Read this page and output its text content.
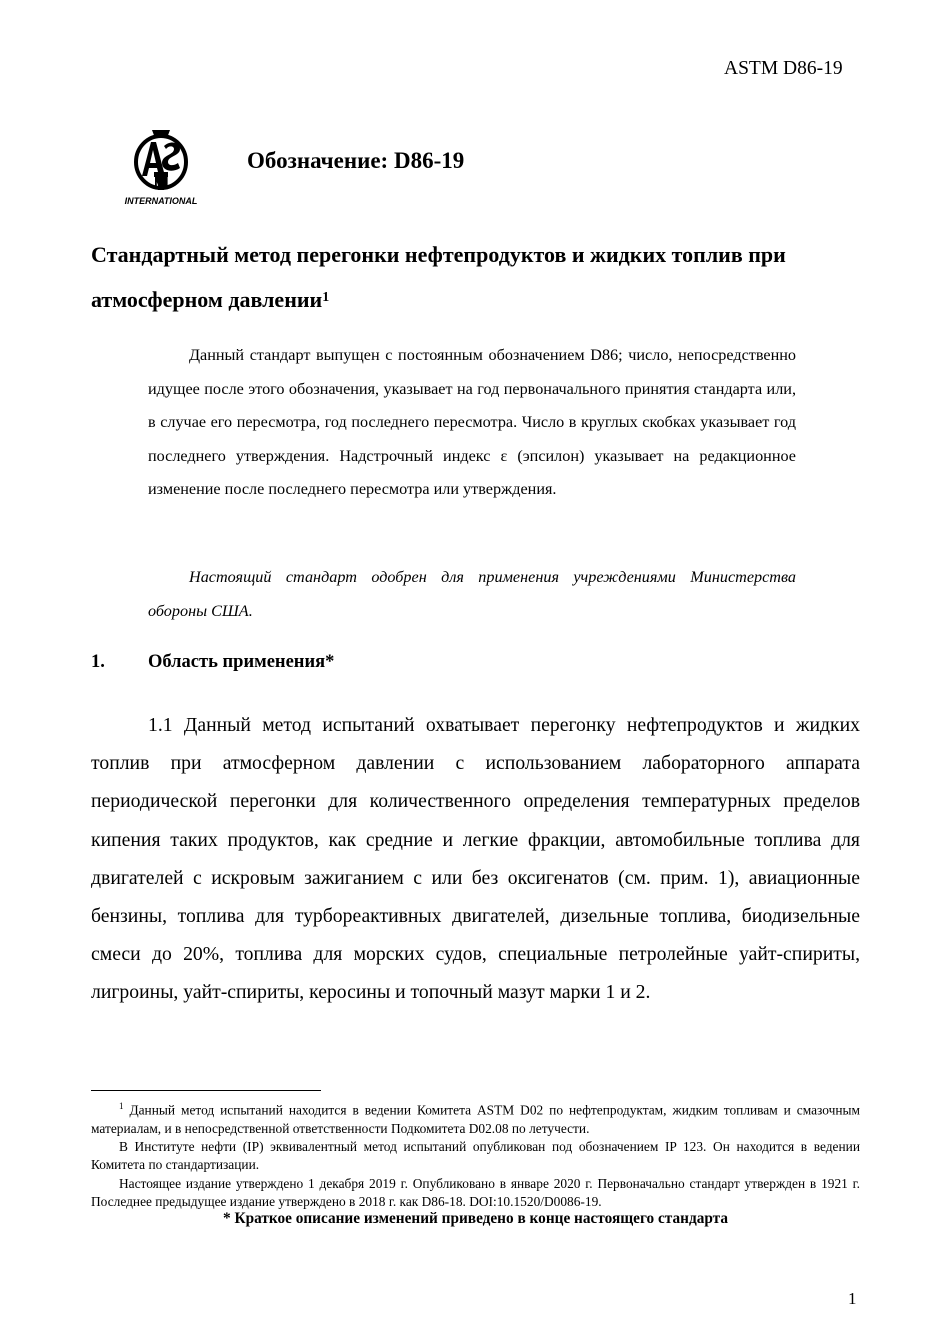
ASTM D86-19
INTERNATIONAL
Обозначение: D86-19
Стандартный метод перегонки нефтепродуктов и жидких топлив при атмосферном давлении$^1$
Данный стандарт выпущен с постоянным обозначением D86; число, непосредственно идущее после этого обозначения, указывает на год первоначального принятия стандарта или, в случае его пересмотра, год последнего пересмотра. Число в круглых скобках указывает год последнего утверждения. Надстрочный индекс ε (эпсилон) указывает на редакционное изменение после последнего пересмотра или утверждения.
Настоящий стандарт одобрен для применения учреждениями Министерства обороны США.
1. Область применения*
1.1 Данный метод испытаний охватывает перегонку нефтепродуктов и жидких топлив при атмосферном давлении с использованием лабораторного аппарата периодической перегонки для количественного определения температурных пределов кипения таких продуктов, как средние и легкие фракции, автомобильные топлива для двигателей с искровым зажиганием с или без оксигенатов (см. прим. 1), авиационные бензины, топлива для турбореактивных двигателей, дизельные топлива, биодизельные смеси до 20%, топлива для морских судов, специальные петролейные уайт-спириты, лигроины, уайт-спириты, керосины и топочный мазут марки 1 и 2.

$^1$ Данный метод испытаний находится в ведении Комитета ASTM D02 по нефтепродуктам, жидким топливам и смазочным материалам, и в непосредственной ответственности Подкомитета D02.08 по летучести.

В Институте нефти (IP) эквивалентный метод испытаний опубликован под обозначением IP 123. Он находится в ведении Комитета по стандартизации.

Настоящее издание утверждено 1 декабря 2019 г. Опубликовано в январе 2020 г. Первоначально стандарт утвержден в 1921 г. Последнее предыдущее издание утверждено в 2018 г. как D86-18. DOI:10.1520/D0086-19.

* Краткое описание изменений приведено в конце настоящего стандарта
1
